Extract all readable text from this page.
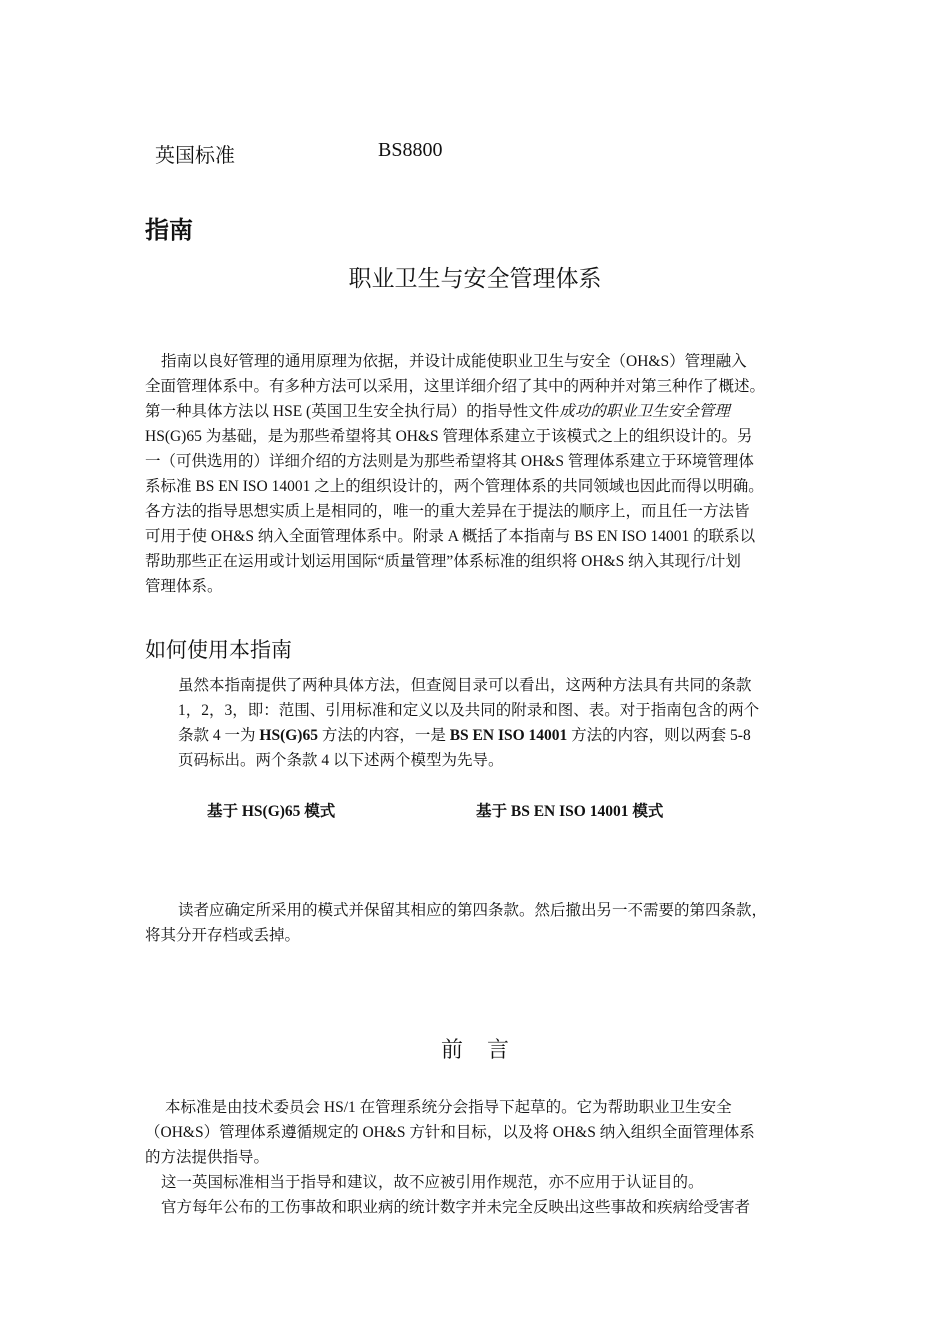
英国标准	BS8800
指南
职业卫生与安全管理体系
指南以良好管理的通用原理为依据，并设计成能使职业卫生与安全（OH&S）管理融入
全面管理体系中。有多种方法可以采用，这里详细介绍了其中的两种并对第三种作了概述。
第一种具体方法以 HSE (英国卫生安全执行局）的指导性文件成功的职业卫生安全管理
HS(G)65 为基础，是为那些希望将其 OH&S 管理体系建立于该模式之上的组织设计的。另
一（可供选用的）详细介绍的方法则是为那些希望将其 OH&S 管理体系建立于环境管理体
系标准 BS EN ISO 14001 之上的组织设计的，两个管理体系的共同领域也因此而得以明确。
各方法的指导思想实质上是相同的，唯一的重大差异在于提法的顺序上，而且任一方法皆
可用于使 OH&S 纳入全面管理体系中。附录 A 概括了本指南与 BS EN ISO 14001 的联系以
帮助那些正在运用或计划运用国际“质量管理”体系标准的组织将 OH&S 纳入其现行/计划
管理体系。
如何使用本指南
虽然本指南提供了两种具体方法，但查阅目录可以看出，这两种方法具有共同的条款
1，2，3，即：范围、引用标准和定义以及共同的附录和图、表。对于指南包含的两个
条款 4 一为 HS(G)65 方法的内容，一是 BS EN ISO 14001 方法的内容，则以两套 5-8
页码标出。两个条款 4 以下述两个模型为先导。
基于 HS(G)65 模式	基于 BS EN ISO 14001 模式
读者应确定所采用的模式并保留其相应的第四条款。然后撤出另一不需要的第四条款，
将其分开存档或丢掉。
前言
本标准是由技术委员会 HS/1 在管理系统分会指导下起草的。它为帮助职业卫生安全
（OH&S）管理体系遵循规定的 OH&S 方针和目标，以及将 OH&S 纳入组织全面管理体系
的方法提供指导。
这一英国标准相当于指导和建议，故不应被引用作规范，亦不应用于认证目的。
官方每年公布的工伤事故和职业病的统计数字并未完全反映出这些事故和疾病给受害者
